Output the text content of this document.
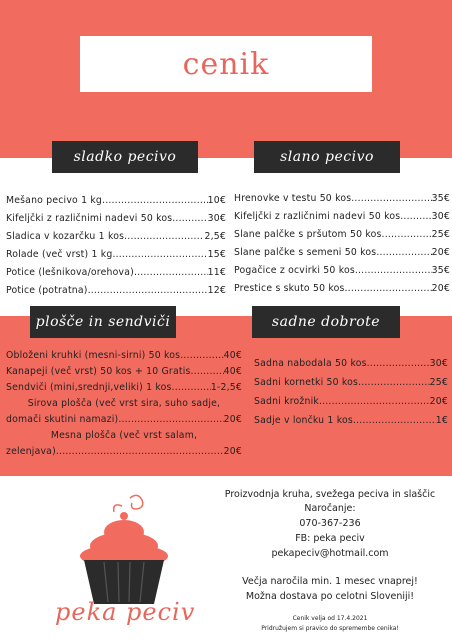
cenik
sladko pecivo	slano pecivo
plošče in sendviči	sadne dobrote
Mešano pecivo 1 kg .....	10€
Kifeljčki z različnimi nadevi 50 kos .....	30€
Sladica v kozarčku 1 kos .....	2,5€
Rolade (več vrst) 1 kg .....	15€
Potice (lešnikova/orehova) .....	11€
Potice (potratna) .....	12€
Hrenovke v testu 50 kos .....	35€
Kifeljčki z različnimi nadevi 50 kos .....	30€
Slane palčke s pršutom 50 kos .....	25€
Slane palčke s semeni 50 kos .....	20€
Pogačice z ocvirki 50 kos .....	35€
Prestice s skuto 50 kos .....	20€
Obloženi kruhki (mesni-sirni) 50 kos .....	40€
Kanapeji (več vrst) 50 kos + 10 Gratis .....	40€
Sendviči (mini,srednji,veliki) 1 kos .....	1-2,5€
Sirova plošča (več vrst sira, suho sadje,
domači skutini namazi) .....	20€
Mesna plošča (več vrst salam,
zelenjava) .....	20€
Sadna nabodala 50 kos .....	30€
Sadni kornetki 50 kos .....	25€
Sadni krožnik .....	20€
Sadje v lončku 1 kos .....	1€
peka peciv
Proizvodnja kruha, svežega peciva in slaščic
Naročanje:
070-367-236
FB: peka peciv
pekapeciv@hotmail.com
Večja naročila min. 1 mesec vnaprej!
Možna dostava po celotni Sloveniji!
Cenik velja od 17.4.2021
Pridružujem si pravico do spremembe cenika!
